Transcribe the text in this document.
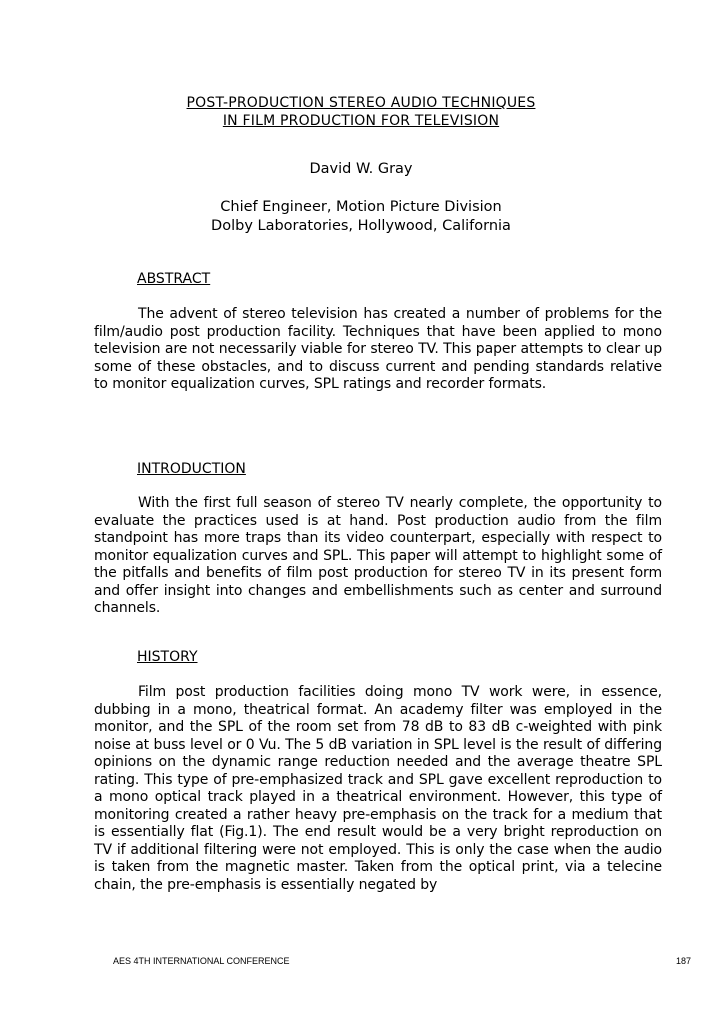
POST-PRODUCTION STEREO AUDIO TECHNIQUES
IN FILM PRODUCTION FOR TELEVISION
David W. Gray
Chief Engineer, Motion Picture Division
Dolby Laboratories, Hollywood, California
ABSTRACT

The advent of stereo television has created a number of problems for the film/audio post production facility. Techniques that have been applied to mono television are not necessarily viable for stereo TV. This paper attempts to clear up some of these obstacles, and to discuss current and pending standards relative to monitor equalization curves, SPL ratings and recorder formats.

INTRODUCTION

With the first full season of stereo TV nearly complete, the opportunity to evaluate the practices used is at hand. Post production audio from the film standpoint has more traps than its video counterpart, especially with respect to monitor equalization curves and SPL. This paper will attempt to highlight some of the pitfalls and benefits of film post production for stereo TV in its present form and offer insight into changes and embellishments such as center and surround channels.

HISTORY

Film post production facilities doing mono TV work were, in essence, dubbing in a mono, theatrical format. An academy filter was employed in the monitor, and the SPL of the room set from 78 dB to 83 dB c-weighted with pink noise at buss level or 0 Vu. The 5 dB variation in SPL level is the result of differing opinions on the dynamic range reduction needed and the average theatre SPL rating. This type of pre-emphasized track and SPL gave excellent reproduction to a mono optical track played in a theatrical environment. However, this type of monitoring created a rather heavy pre-emphasis on the track for a medium that is essentially flat (Fig.1). The end result would be a very bright reproduction on TV if additional filtering were not employed. This is only the case when the audio is taken from the magnetic master. Taken from the optical print, via a telecine chain, the pre-emphasis is essentially negated by

AES 4TH INTERNATIONAL CONFERENCE	187
